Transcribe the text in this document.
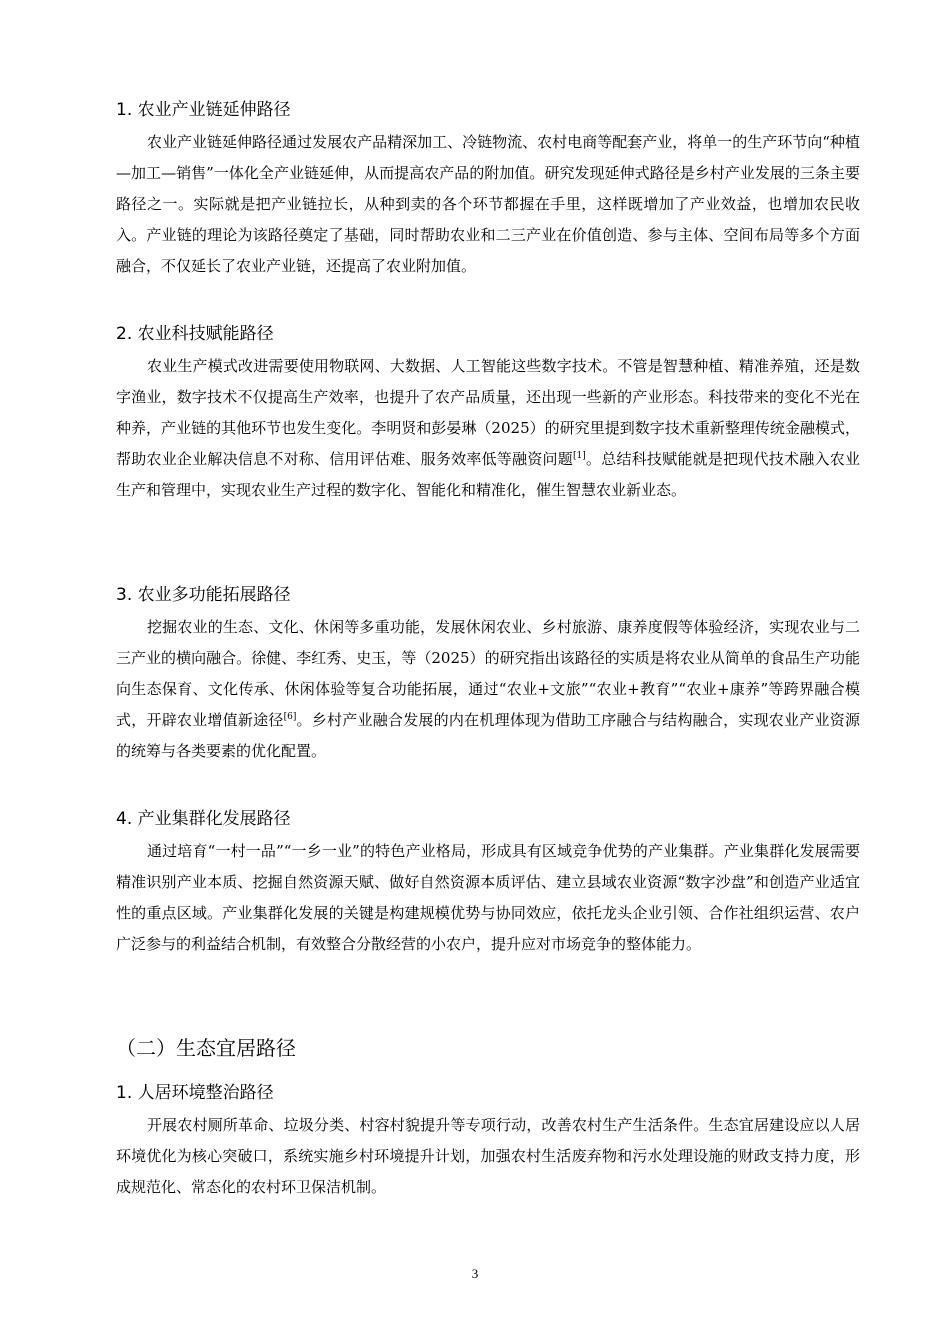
1. 农业产业链延伸路径

农业产业链延伸路径通过发展农产品精深加工、冷链物流、农村电商等配套产业，将单一的生产环节向“种植—加工—销售”一体化全产业链延伸，从而提高农产品的附加值。研究发现延伸式路径是乡村产业发展的三条主要路径之一。实际就是把产业链拉长，从种到卖的各个环节都握在手里，这样既增加了产业效益，也增加农民收入。产业链的理论为该路径奠定了基础，同时帮助农业和二三产业在价值创造、参与主体、空间布局等多个方面融合，不仅延长了农业产业链，还提高了农业附加值。

2. 农业科技赋能路径

农业生产模式改进需要使用物联网、大数据、人工智能这些数字技术。不管是智慧种植、精准养殖，还是数字渔业，数字技术不仅提高生产效率，也提升了农产品质量，还出现一些新的产业形态。科技带来的变化不光在种养，产业链的其他环节也发生变化。李明贤和彭晏琳（2025）的研究里提到数字技术重新整理传统金融模式，帮助农业企业解决信息不对称、信用评估难、服务效率低等融资问题[1]。总结科技赋能就是把现代技术融入农业生产和管理中，实现农业生产过程的数字化、智能化和精准化，催生智慧农业新业态。

3. 农业多功能拓展路径

挖掘农业的生态、文化、休闲等多重功能，发展休闲农业、乡村旅游、康养度假等体验经济，实现农业与二三产业的横向融合。徐健、李红秀、史玉，等（2025）的研究指出该路径的实质是将农业从简单的食品生产功能向生态保育、文化传承、休闲体验等复合功能拓展，通过“农业+文旅”“农业+教育”“农业+康养”等跨界融合模式，开辟农业增值新途径[6]。乡村产业融合发展的内在机理体现为借助工序融合与结构融合，实现农业产业资源的统筹与各类要素的优化配置。

4. 产业集群化发展路径

通过培育“一村一品”“一乡一业”的特色产业格局，形成具有区域竞争优势的产业集群。产业集群化发展需要精准识别产业本质、挖掘自然资源天赋、做好自然资源本质评估、建立县域农业资源“数字沙盘”和创造产业适宜性的重点区域。产业集群化发展的关键是构建规模优势与协同效应，依托龙头企业引领、合作社组织运营、农户广泛参与的利益结合机制，有效整合分散经营的小农户，提升应对市场竞争的整体能力。

（二）生态宜居路径
1. 人居环境整治路径

开展农村厕所革命、垃圾分类、村容村貌提升等专项行动，改善农村生产生活条件。生态宜居建设应以人居环境优化为核心突破口，系统实施乡村环境提升计划，加强农村生活废弃物和污水处理设施的财政支持力度，形成规范化、常态化的农村环卫保洁机制。

3
